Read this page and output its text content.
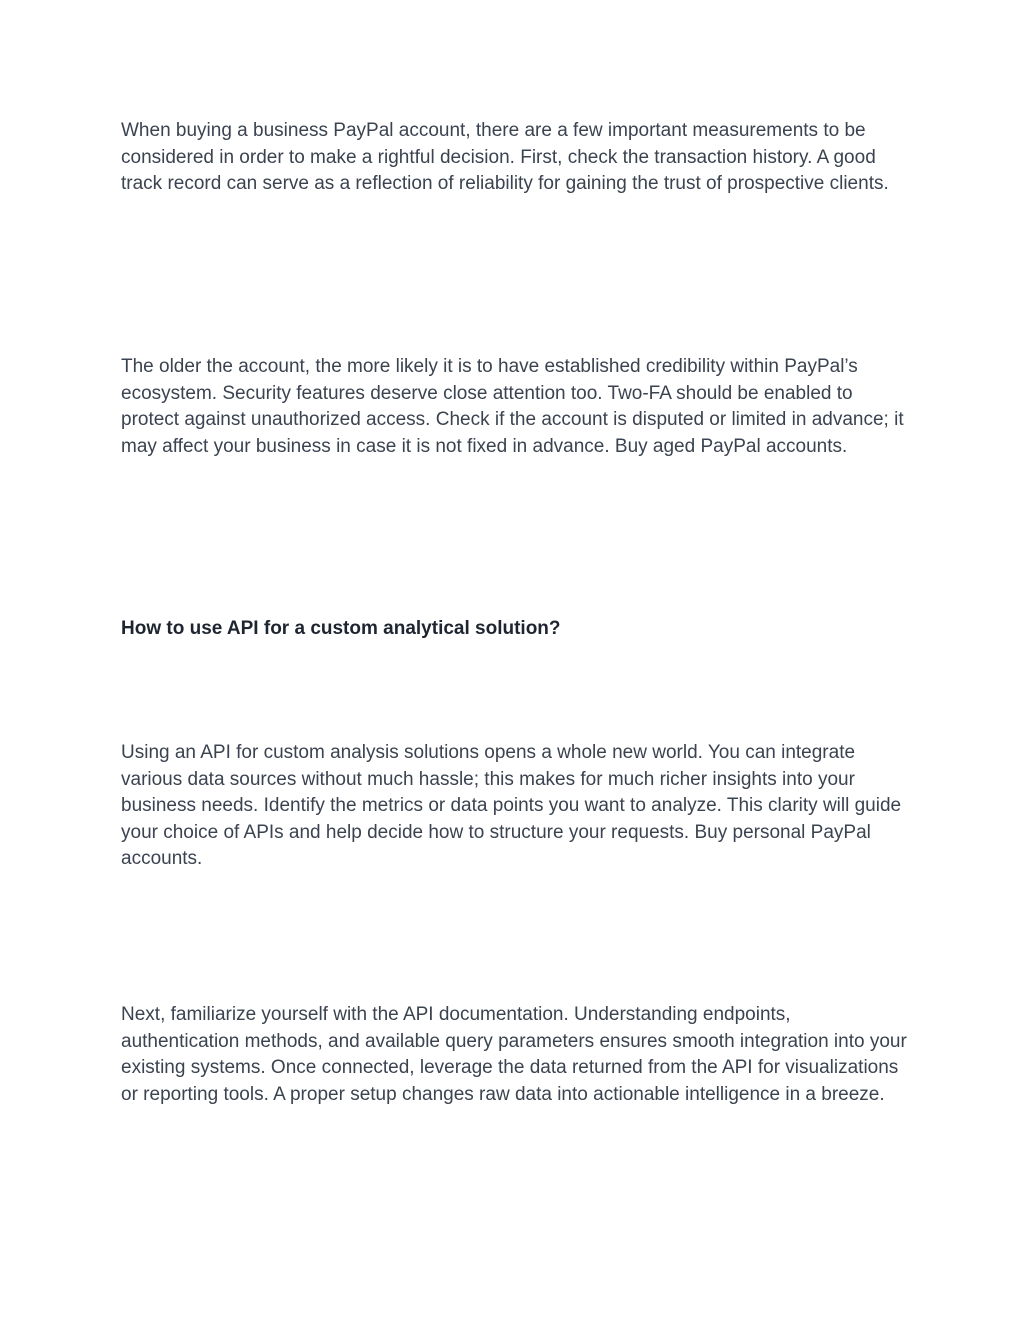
When buying a business PayPal account, there are a few important measurements to be considered in order to make a rightful decision. First, check the transaction history. A good track record can serve as a reflection of reliability for gaining the trust of prospective clients.

The older the account, the more likely it is to have established credibility within PayPal’s ecosystem. Security features deserve close attention too. Two-FA should be enabled to protect against unauthorized access. Check if the account is disputed or limited in advance; it may affect your business in case it is not fixed in advance. Buy aged PayPal accounts.

How to use API for a custom analytical solution?

Using an API for custom analysis solutions opens a whole new world. You can integrate various data sources without much hassle; this makes for much richer insights into your business needs. Identify the metrics or data points you want to analyze. This clarity will guide your choice of APIs and help decide how to structure your requests. Buy personal PayPal accounts.

Next, familiarize yourself with the API documentation. Understanding endpoints, authentication methods, and available query parameters ensures smooth integration into your existing systems. Once connected, leverage the data returned from the API for visualizations or reporting tools. A proper setup changes raw data into actionable intelligence in a breeze.
